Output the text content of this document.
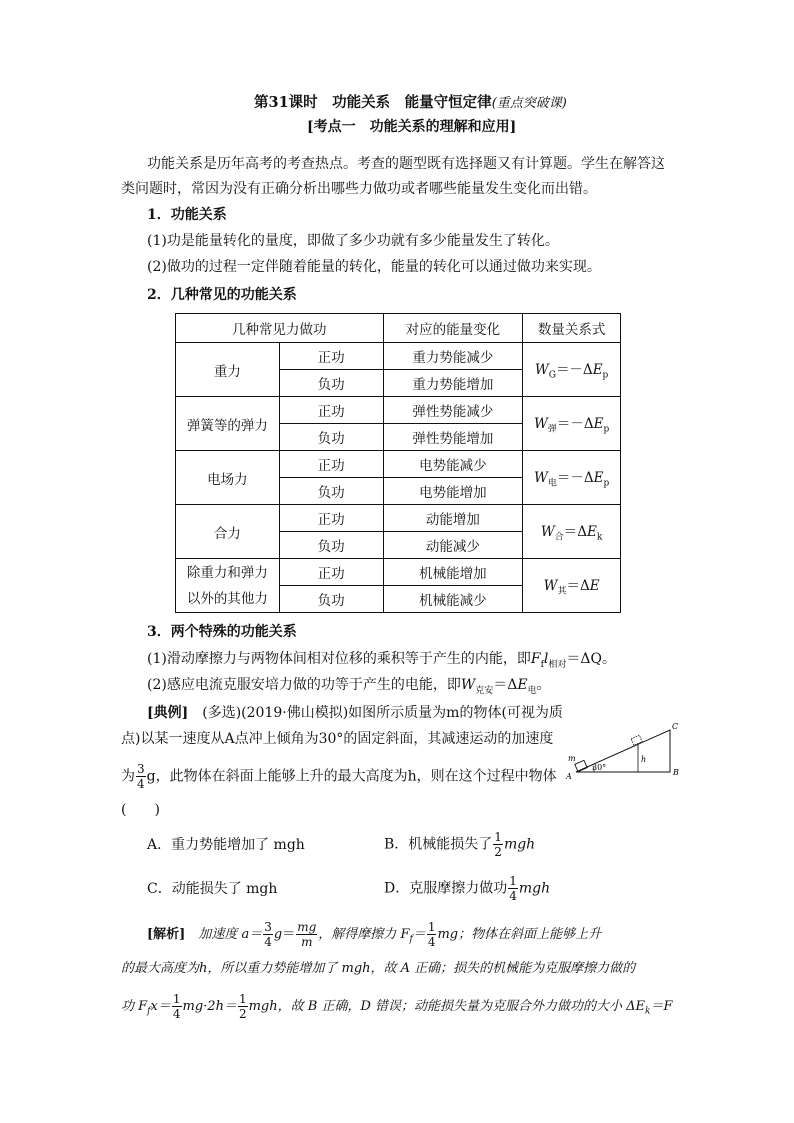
第31课时　功能关系　能量守恒定律(重点突破课)
[考点一　功能关系的理解和应用]
功能关系是历年高考的考查热点。考查的题型既有选择题又有计算题。学生在解答这
类问题时，常因为没有正确分析出哪些力做功或者哪些能量发生变化而出错。
1．功能关系
(1)功是能量转化的量度，即做了多少功就有多少能量发生了转化。
(2)做功的过程一定伴随着能量的转化，能量的转化可以通过做功来实现。
2．几种常见的功能关系
几种常见力做功		对应的能量变化	数量关系式
重力	正功	重力势能减少	$W_G=-\Delta E_p$
	负功	重力势能增加	
弹簧等的弹力	正功	弹性势能减少	$W_弹=-\Delta E_p$
	负功	弹性势能增加	
电场力	正功	电势能减少	$W_电=-\Delta E_p$
	负功	电势能增加	
合力	正功	动能增加	$W_合=\Delta E_k$
	负功	动能减少	

除重力和弹力
以外的其他力	正功	机械能增加	$W_其=\Delta E$
	负功	机械能减少	
3．两个特殊的功能关系
(1)滑动摩擦力与两物体间相对位移的乘积等于产生的内能，即$F_fl_{相对}=\Delta Q$。
(2)感应电流克服安培力做的功等于产生的电能，即$W_{克安}=\Delta E_电$。
[典例]　 (多选)(2019·佛山模拟)如图所示质量为m的物体(可视为质
点)以某一速度从A点冲上倾角为30°的固定斜面，其减速运动的加速度
为 $\frac{3}{4}$ g，此物体在斜面上能够上升的最大高度为h，则在这个过程中物体
(　　)
m
A	B
C
h
30°
A．重力势能增加了 mgh	B．机械能损失了 $\frac{1}{2}$ mgh
C．动能损失了 mgh	D．克服摩擦力做功 $\frac{1}{4}$ mgh
[解析]　 加速度 $a= \frac{3}{4} g= \frac{mg}{m}$ ，解得摩擦力 $F_f= \frac{1}{4}$ mg；物体在斜面上能够上升
的最大高度为h，所以重力势能增加了 mgh，故 A 正确；损失的机械能为克服摩擦力做的
功 $F_fx= \frac{1}{4} mg\cdot 2h= \frac{1}{2}$ mgh，故 B 正确，D 错误；动能损失量为克服合外力做功的大小 $\Delta E_k=F$
